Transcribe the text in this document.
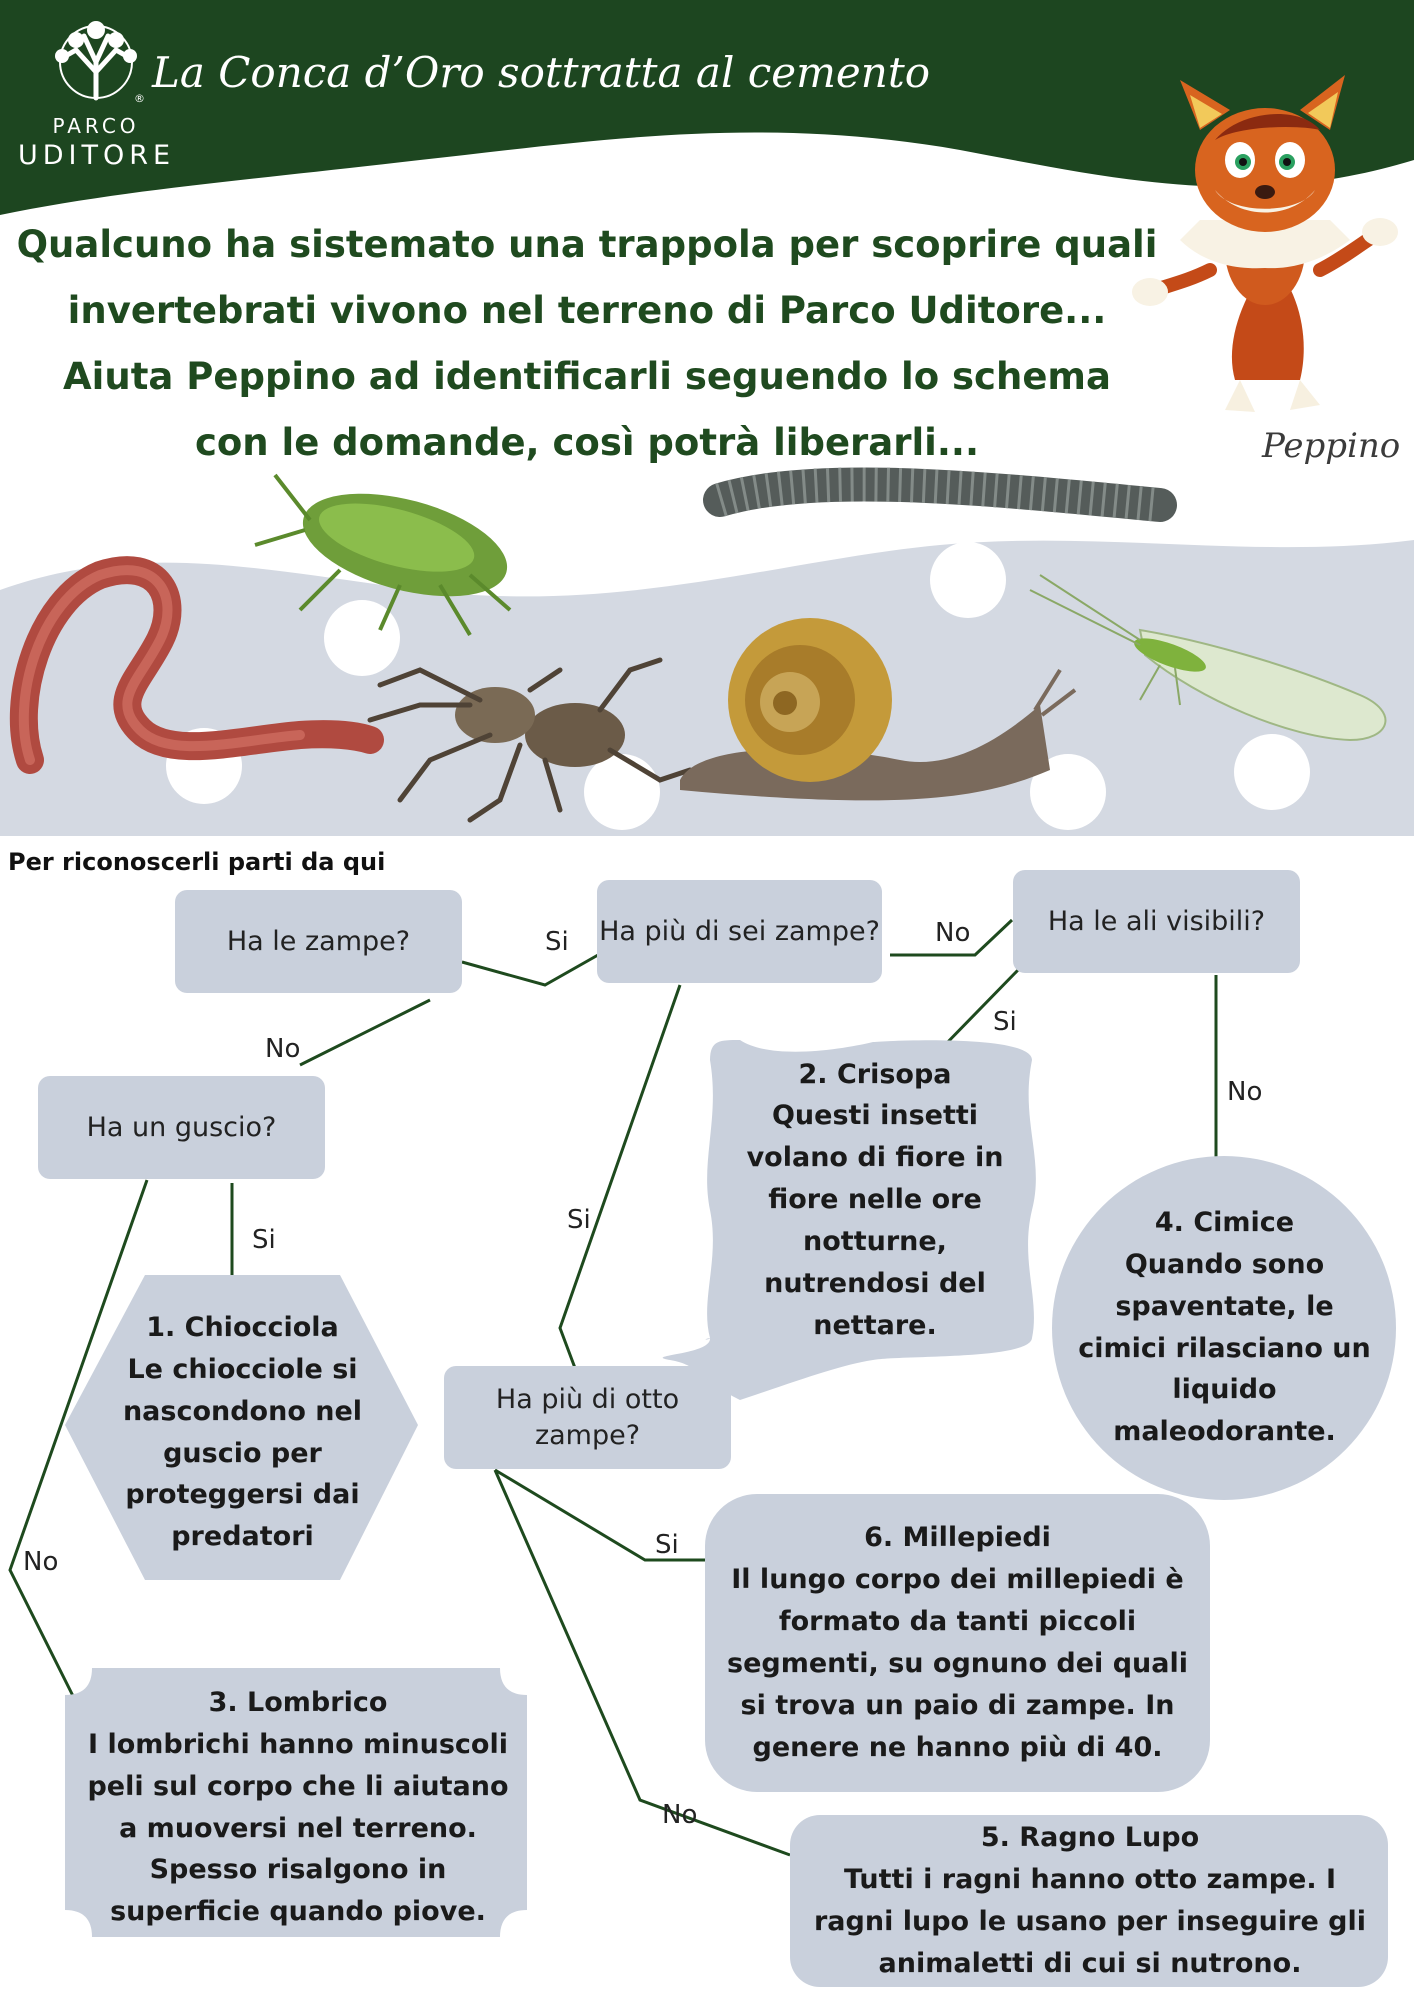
®
La Conca d’Oro sottratta al cemento
PARCO
UDITORE
Qualcuno ha sistemato una trappola per scoprire quali
invertebrati vivono nel terreno di Parco Uditore...
Aiuta Peppino ad identificarli seguendo lo schema
con le domande, così potrà liberarli...	Peppino
Per riconoscerli parti da qui
Ha le zampe?	Ha più di sei zampe?	Ha le ali visibili?
Ha un guscio?
Ha più di otto zampe?
Si
No
No
Si
Si
No
Si
No
Si
No
1. Chiocciola
Le chiocciole si nascondono nel guscio per proteggersi dai predatori
2. Crisopa
Questi insetti volano di fiore in fiore nelle ore notturne, nutrendosi del nettare.
4. Cimice
Quando sono spaventate, le cimici rilasciano un liquido maleodorante.
3. Lombrico
I lombrichi hanno minuscoli peli sul corpo che li aiutano a muoversi nel terreno. Spesso risalgono in superficie quando piove.
6. Millepiedi
Il lungo corpo dei millepiedi è formato da tanti piccoli segmenti, su ognuno dei quali si trova un paio di zampe. In genere ne hanno più di 40.
5. Ragno Lupo
Tutti i ragni hanno otto zampe. I ragni lupo le usano per inseguire gli animaletti di cui si nutrono.
